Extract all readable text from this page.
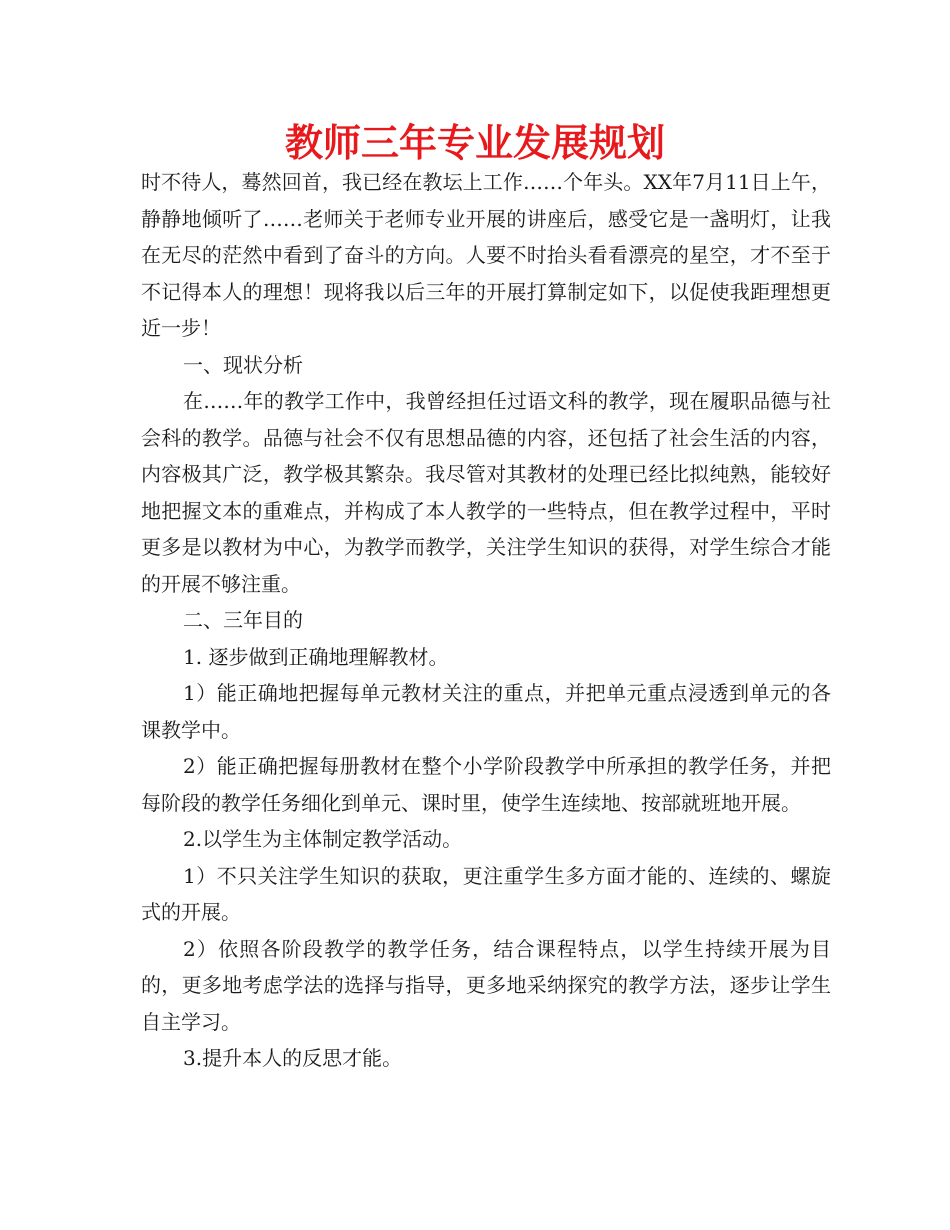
教师三年专业发展规划

时不待人，蓦然回首，我已经在教坛上工作……个年头。XX年7月11日上午，静静地倾听了……老师关于老师专业开展的讲座后，感受它是一盏明灯，让我在无尽的茫然中看到了奋斗的方向。人要不时抬头看看漂亮的星空，才不至于不记得本人的理想！现将我以后三年的开展打算制定如下，以促使我距理想更近一步！

一、现状分析

在……年的教学工作中，我曾经担任过语文科的教学，现在履职品德与社会科的教学。品德与社会不仅有思想品德的内容，还包括了社会生活的内容，内容极其广泛，教学极其繁杂。我尽管对其教材的处理已经比拟纯熟，能较好地把握文本的重难点，并构成了本人教学的一些特点，但在教学过程中，平时更多是以教材为中心，为教学而教学，关注学生知识的获得，对学生综合才能的开展不够注重。

二、三年目的

1. 逐步做到正确地理解教材。

1）能正确地把握每单元教材关注的重点，并把单元重点浸透到单元的各课教学中。

2）能正确把握每册教材在整个小学阶段教学中所承担的教学任务，并把每阶段的教学任务细化到单元、课时里，使学生连续地、按部就班地开展。

2.以学生为主体制定教学活动。

1）不只关注学生知识的获取，更注重学生多方面才能的、连续的、螺旋式的开展。

2）依照各阶段教学的教学任务，结合课程特点，以学生持续开展为目的，更多地考虑学法的选择与指导，更多地采纳探究的教学方法，逐步让学生自主学习。

3.提升本人的反思才能。
